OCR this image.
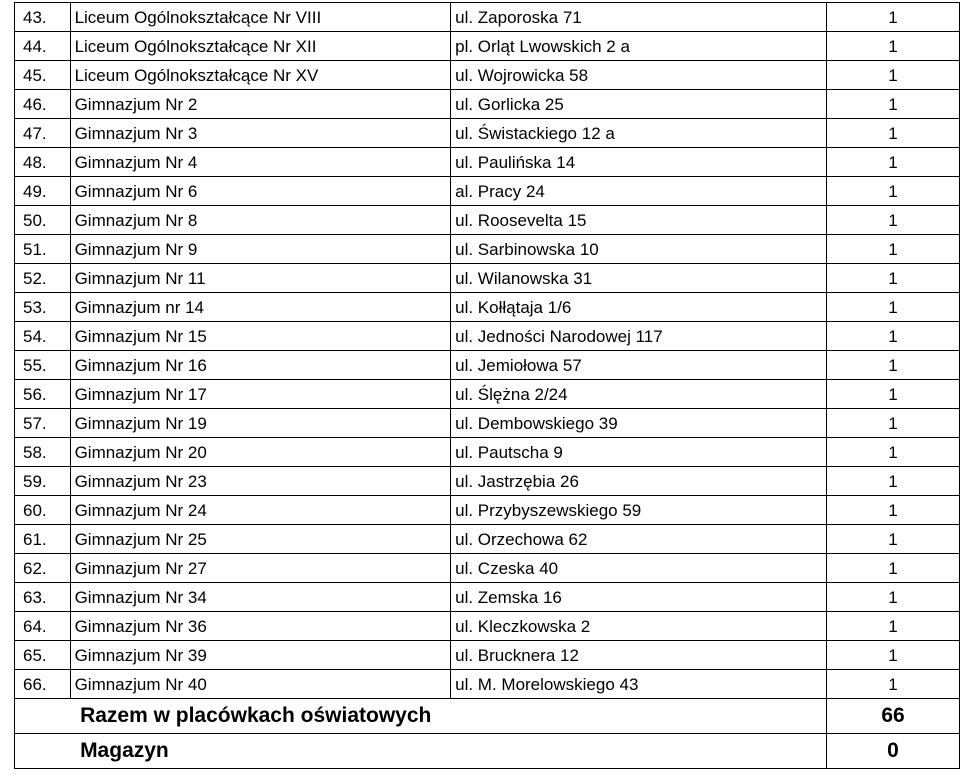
43.	Liceum Ogólnokształcące Nr VIII	ul. Zaporoska 71	1
44.	Liceum Ogólnokształcące Nr XII	pl. Orląt Lwowskich 2 a	1
45.	Liceum Ogólnokształcące Nr XV	ul. Wojrowicka 58	1
46.	Gimnazjum Nr 2	ul. Gorlicka 25	1
47.	Gimnazjum Nr 3	ul. Świstackiego 12 a	1
48.	Gimnazjum Nr 4	ul. Paulińska 14	1
49.	Gimnazjum Nr 6	al. Pracy 24	1
50.	Gimnazjum Nr 8	ul. Roosevelta 15	1
51.	Gimnazjum Nr 9	ul. Sarbinowska 10	1
52.	Gimnazjum Nr 11	ul. Wilanowska 31	1
53.	Gimnazjum nr 14	ul. Kołłątaja 1/6	1
54.	Gimnazjum Nr 15	ul. Jedności Narodowej 117	1
55.	Gimnazjum Nr 16	ul. Jemiołowa 57	1
56.	Gimnazjum Nr 17	ul. Ślężna 2/24	1
57.	Gimnazjum Nr 19	ul. Dembowskiego 39	1
58.	Gimnazjum Nr 20	ul. Pautscha 9	1
59.	Gimnazjum Nr 23	ul. Jastrzębia 26	1
60.	Gimnazjum Nr 24	ul. Przybyszewskiego 59	1
61.	Gimnazjum Nr 25	ul. Orzechowa 62	1
62.	Gimnazjum Nr 27	ul. Czeska 40	1
63.	Gimnazjum Nr 34	ul. Zemska 16	1
64.	Gimnazjum Nr 36	ul. Kleczkowska 2	1
65.	Gimnazjum Nr 39	ul. Brucknera 12	1
66.	Gimnazjum Nr 40	ul. M. Morelowskiego 43	1
	Razem w placówkach oświatowych		66
	Magazyn		0
